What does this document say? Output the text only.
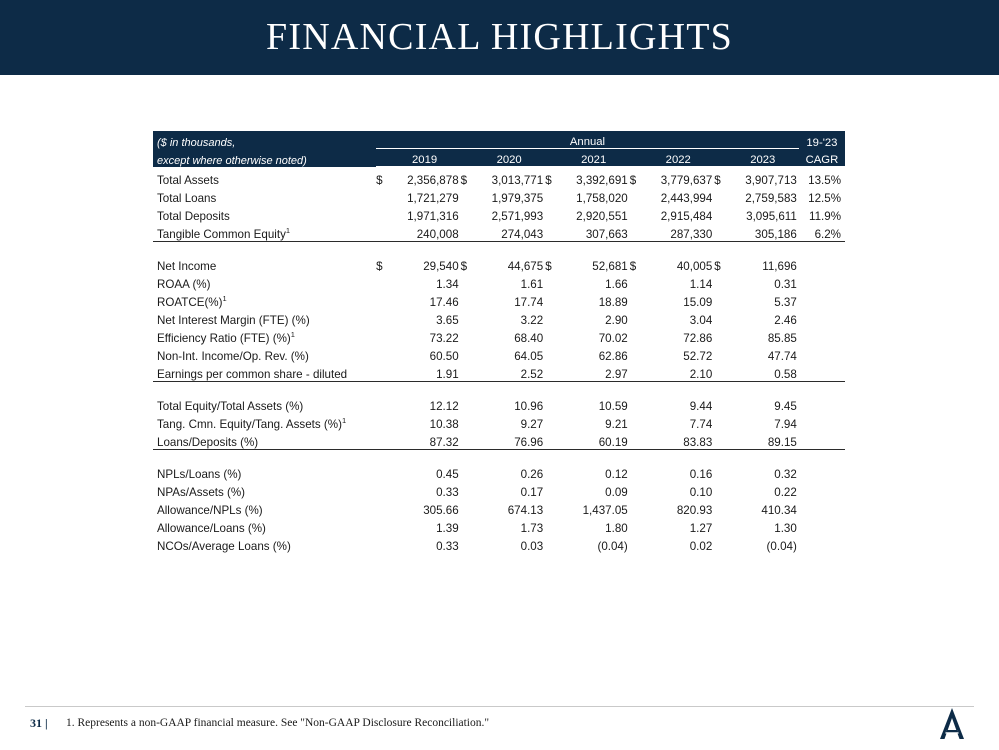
FINANCIAL HIGHLIGHTS
($ in thousands,	Annual										19-'23
except where otherwise noted)		2019		2020		2021		2022		2023	CAGR
Total Assets	$	2,356,878	$	3,013,771	$	3,392,691	$	3,779,637	$	3,907,713	13.5%
Total Loans		1,721,279		1,979,375		1,758,020		2,443,994		2,759,583	12.5%
Total Deposits		1,971,316		2,571,993		2,920,551		2,915,484		3,095,611	11.9%
Tangible Common Equity$^1$		240,008		274,043		307,663		287,330		305,186	6.2%

Net Income	$	29,540	$	44,675	$	52,681	$	40,005	$	11,696	
ROAA (%)		1.34		1.61		1.66		1.14		0.31	
ROATCE(%)$^1$		17.46		17.74		18.89		15.09		5.37	
Net Interest Margin (FTE) (%)		3.65		3.22		2.90		3.04		2.46	
Efficiency Ratio (FTE) (%)$^1$		73.22		68.40		70.02		72.86		85.85	
Non-Int. Income/Op. Rev. (%)		60.50		64.05		62.86		52.72		47.74	
Earnings per common share - diluted		1.91		2.52		2.97		2.10		0.58	

Total Equity/Total Assets (%)		12.12		10.96		10.59		9.44		9.45	
Tang. Cmn. Equity/Tang. Assets (%)$^1$		10.38		9.27		9.21		7.74		7.94	
Loans/Deposits (%)		87.32		76.96		60.19		83.83		89.15	

NPLs/Loans (%)		0.45		0.26		0.12		0.16		0.32	
NPAs/Assets (%)		0.33		0.17		0.09		0.10		0.22	
Allowance/NPLs (%)		305.66		674.13		1,437.05		820.93		410.34	
Allowance/Loans (%)		1.39		1.73		1.80		1.27		1.30	
NCOs/Average Loans (%)		0.33		0.03		(0.04)		0.02		(0.04)	
31 | 1. Represents a non-GAAP financial measure. See "Non-GAAP Disclosure Reconciliation."
